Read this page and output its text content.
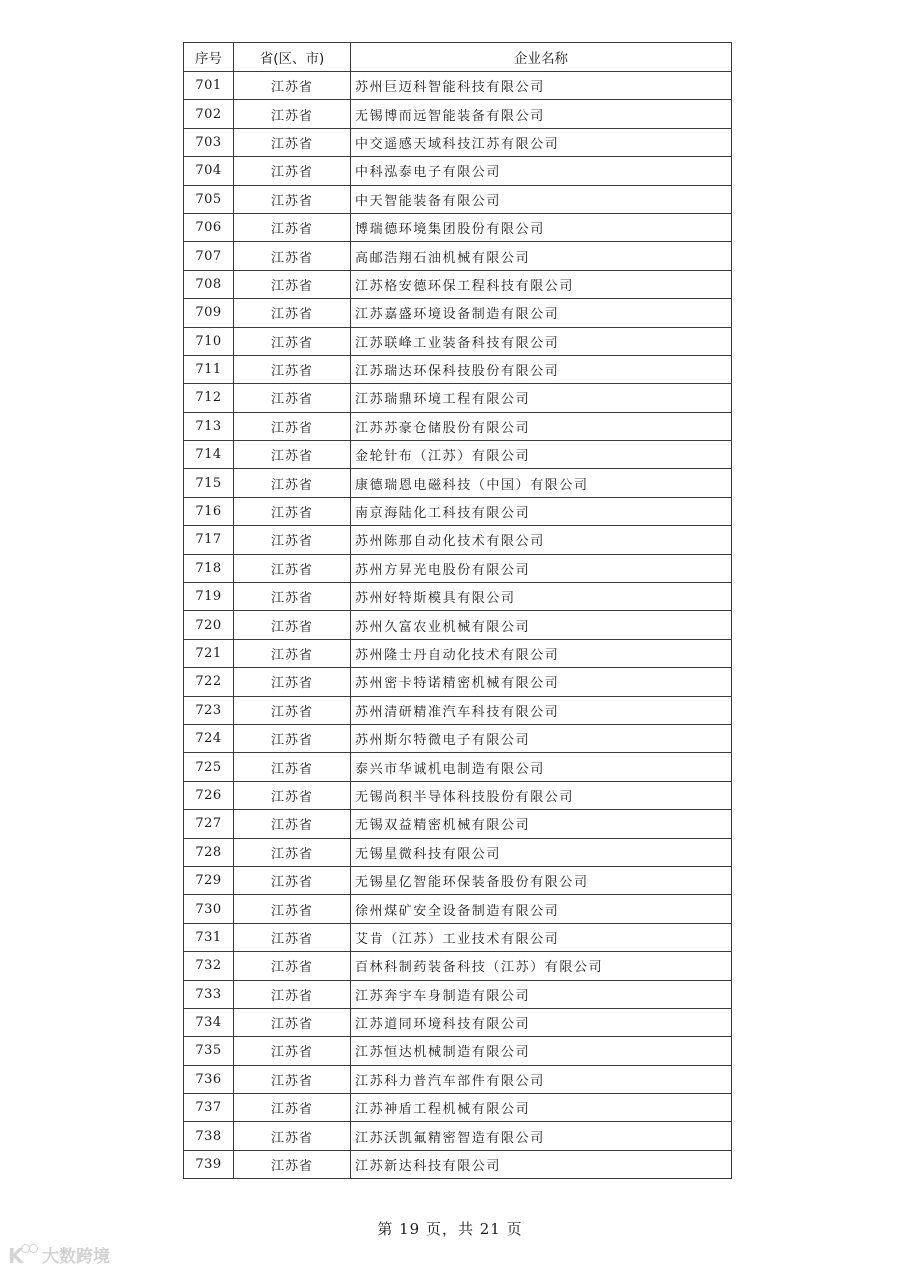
序号	省(区、市)	企业名称
701	江苏省	苏州巨迈科智能科技有限公司
702	江苏省	无锡博而远智能装备有限公司
703	江苏省	中交遥感天域科技江苏有限公司
704	江苏省	中科泓泰电子有限公司
705	江苏省	中天智能装备有限公司
706	江苏省	博瑞德环境集团股份有限公司
707	江苏省	高邮浩翔石油机械有限公司
708	江苏省	江苏格安德环保工程科技有限公司
709	江苏省	江苏嘉盛环境设备制造有限公司
710	江苏省	江苏联峰工业装备科技有限公司
711	江苏省	江苏瑞达环保科技股份有限公司
712	江苏省	江苏瑞鼎环境工程有限公司
713	江苏省	江苏苏豪仓储股份有限公司
714	江苏省	金轮针布（江苏）有限公司
715	江苏省	康德瑞恩电磁科技（中国）有限公司
716	江苏省	南京海陆化工科技有限公司
717	江苏省	苏州陈那自动化技术有限公司
718	江苏省	苏州方昇光电股份有限公司
719	江苏省	苏州好特斯模具有限公司
720	江苏省	苏州久富农业机械有限公司
721	江苏省	苏州隆士丹自动化技术有限公司
722	江苏省	苏州密卡特诺精密机械有限公司
723	江苏省	苏州清研精准汽车科技有限公司
724	江苏省	苏州斯尔特微电子有限公司
725	江苏省	泰兴市华诚机电制造有限公司
726	江苏省	无锡尚积半导体科技股份有限公司
727	江苏省	无锡双益精密机械有限公司
728	江苏省	无锡星微科技有限公司
729	江苏省	无锡星亿智能环保装备股份有限公司
730	江苏省	徐州煤矿安全设备制造有限公司
731	江苏省	艾肯（江苏）工业技术有限公司
732	江苏省	百林科制药装备科技（江苏）有限公司
733	江苏省	江苏奔宇车身制造有限公司
734	江苏省	江苏道同环境科技有限公司
735	江苏省	江苏恒达机械制造有限公司
736	江苏省	江苏科力普汽车部件有限公司
737	江苏省	江苏神盾工程机械有限公司
738	江苏省	江苏沃凯氟精密智造有限公司
739	江苏省	江苏新达科技有限公司
第 19 页，共 21 页
K 大数跨境
